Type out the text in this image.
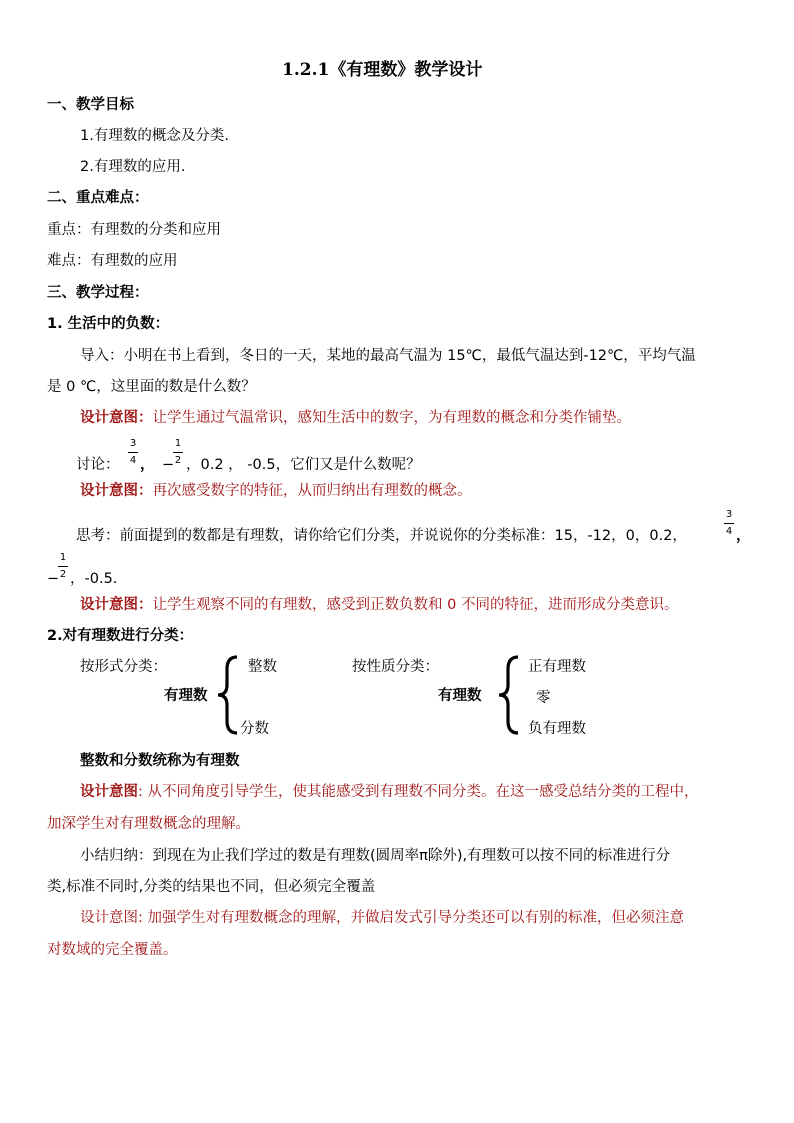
1.2.1《有理数》教学设计
一、教学目标
1.有理数的概念及分类.
2.有理数的应用.
二、重点难点：
重点：有理数的分类和应用
难点：有理数的应用
三、教学过程：
1. 生活中的负数：
导入：小明在书上看到，冬日的一天，某地的最高气温为 15℃，最低气温达到-12℃，平均气温
是 0 ℃，这里面的数是什么数？
设计意图：让学生通过气温常识，感知生活中的数字，为有理数的概念和分类作铺垫。
讨论：
3
4 ， −
1
2 ，0.2 ， -0.5，它们又是什么数呢？
设计意图：再次感受数字的特征，从而归纳出有理数的概念。
思考：前面提到的数都是有理数，请你给它们分类，并说说你的分类标准：15，-12，0，0.2，
3
4 ，
−
1
2 ，-0.5.
设计意图：让学生观察不同的有理数，感受到正数负数和 0 不同的特征，进而形成分类意识。
2.对有理数进行分类：
按形式分类：
有理数
整数
分数
按性质分类：
有理数
正有理数
零
负有理数
整数和分数统称为有理数
设计意图: 从不同角度引导学生，使其能感受到有理数不同分类。在这一感受总结分类的工程中，
加深学生对有理数概念的理解。
小结归纳：到现在为止我们学过的数是有理数(圆周率π除外),有理数可以按不同的标准进行分
类,标准不同时,分类的结果也不同，但必须完全覆盖
设计意图: 加强学生对有理数概念的理解，并做启发式引导分类还可以有别的标准，但必须注意
对数域的完全覆盖。
